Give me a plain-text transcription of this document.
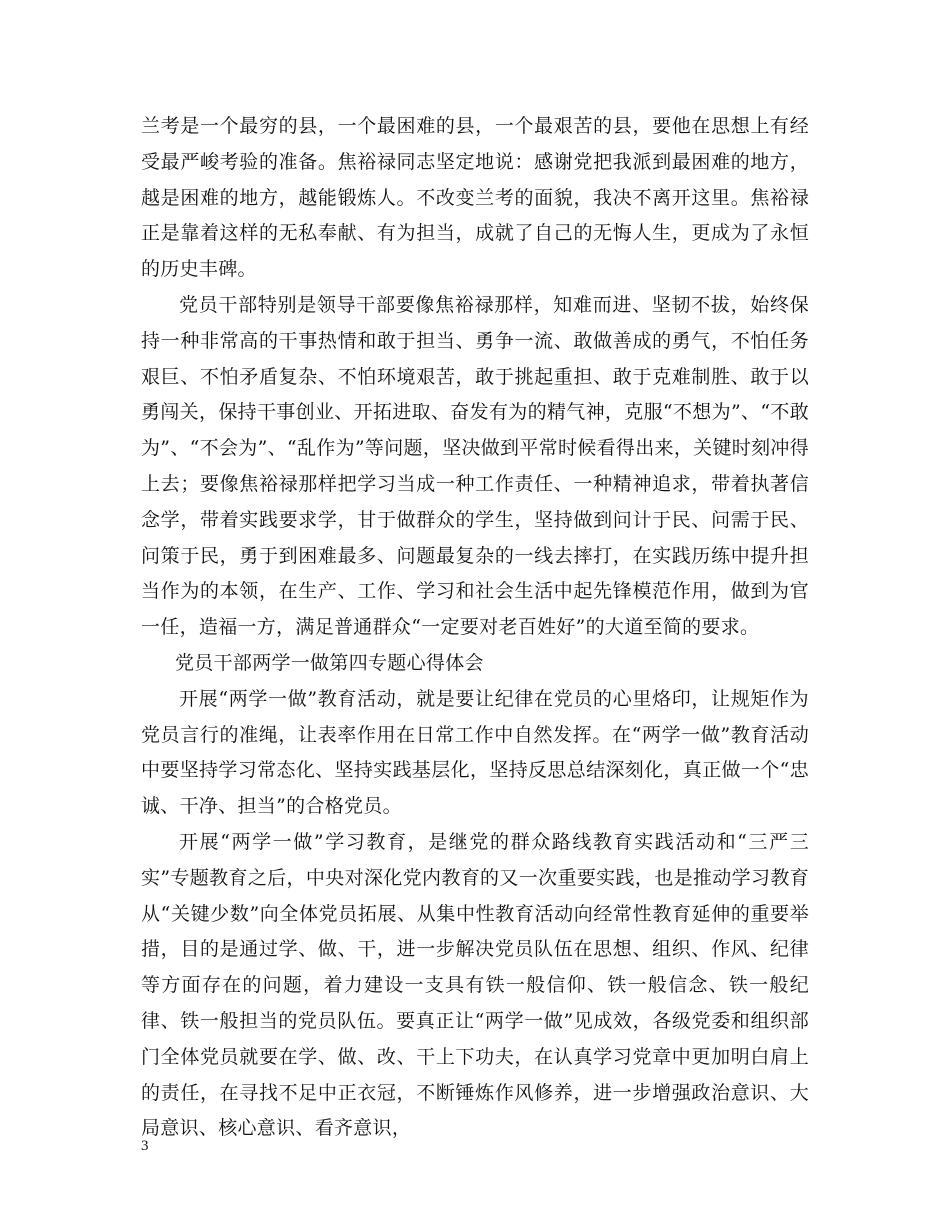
兰考是一个最穷的县，一个最困难的县，一个最艰苦的县，要他在思想上有经受最严峻考验的准备。焦裕禄同志坚定地说：感谢党把我派到最困难的地方，越是困难的地方，越能锻炼人。不改变兰考的面貌，我决不离开这里。焦裕禄正是靠着这样的无私奉献、有为担当，成就了自己的无悔人生，更成为了永恒的历史丰碑。

党员干部特别是领导干部要像焦裕禄那样，知难而进、坚韧不拔，始终保持一种非常高的干事热情和敢于担当、勇争一流、敢做善成的勇气，不怕任务艰巨、不怕矛盾复杂、不怕环境艰苦，敢于挑起重担、敢于克难制胜、敢于以勇闯关，保持干事创业、开拓进取、奋发有为的精气神，克服“不想为”、“不敢为”、“不会为”、“乱作为”等问题，坚决做到平常时候看得出来，关键时刻冲得上去；要像焦裕禄那样把学习当成一种工作责任、一种精神追求，带着执著信念学，带着实践要求学，甘于做群众的学生，坚持做到问计于民、问需于民、问策于民，勇于到困难最多、问题最复杂的一线去摔打，在实践历练中提升担当作为的本领，在生产、工作、学习和社会生活中起先锋模范作用，做到为官一任，造福一方，满足普通群众“一定要对老百姓好”的大道至简的要求。

党员干部两学一做第四专题心得体会

开展“两学一做”教育活动，就是要让纪律在党员的心里烙印，让规矩作为党员言行的准绳，让表率作用在日常工作中自然发挥。在“两学一做”教育活动中要坚持学习常态化、坚持实践基层化，坚持反思总结深刻化，真正做一个“忠诚、干净、担当”的合格党员。

开展“两学一做”学习教育，是继党的群众路线教育实践活动和“三严三实”专题教育之后，中央对深化党内教育的又一次重要实践，也是推动学习教育从“关键少数”向全体党员拓展、从集中性教育活动向经常性教育延伸的重要举措，目的是通过学、做、干，进一步解决党员队伍在思想、组织、作风、纪律等方面存在的问题，着力建设一支具有铁一般信仰、铁一般信念、铁一般纪律、铁一般担当的党员队伍。要真正让“两学一做”见成效，各级党委和组织部门全体党员就要在学、做、改、干上下功夫，在认真学习党章中更加明白肩上的责任，在寻找不足中正衣冠，不断锤炼作风修养，进一步增强政治意识、大局意识、核心意识、看齐意识，

3
